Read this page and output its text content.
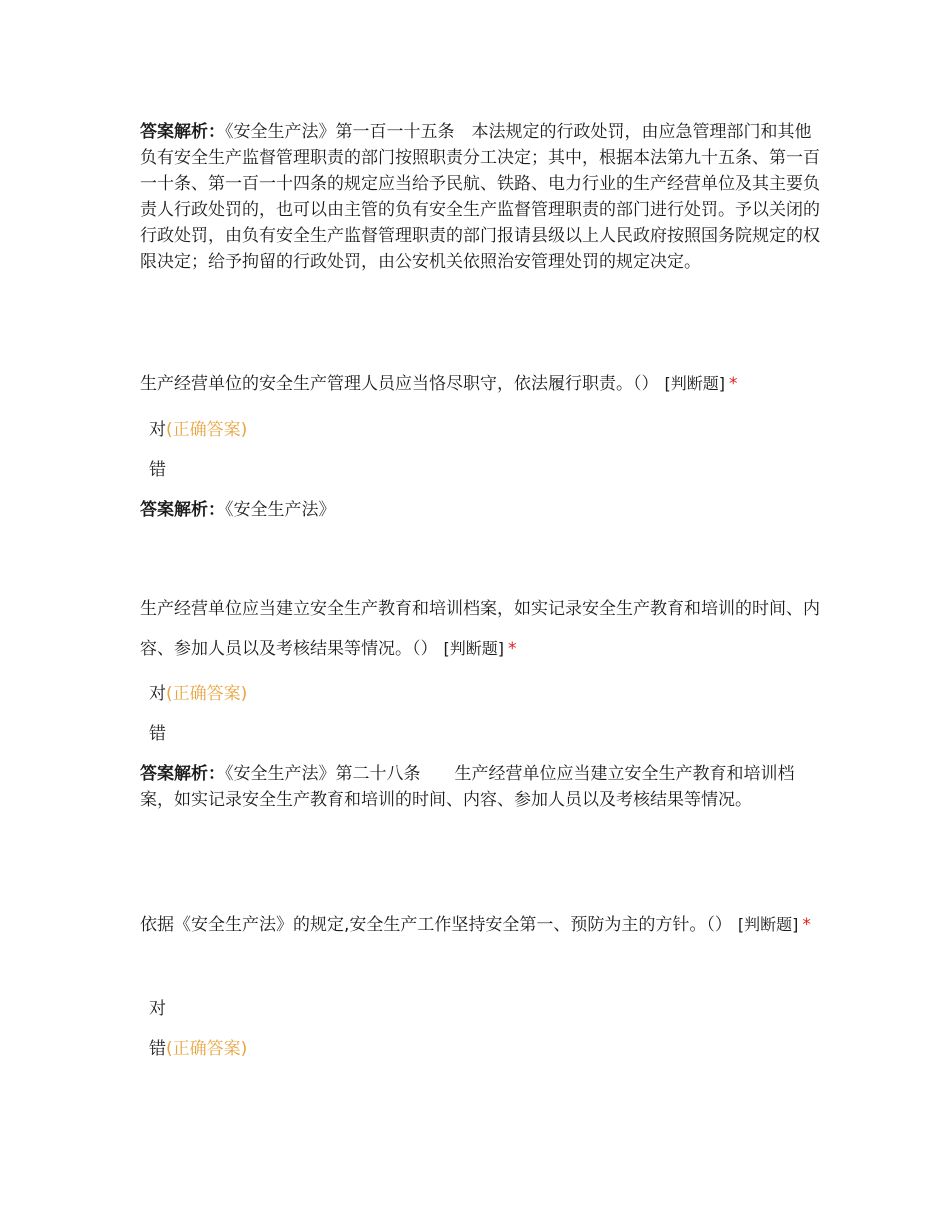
答案解析：《安全生产法》第一百一十五条　本法规定的行政处罚，由应急管理部门和其他负有安全生产监督管理职责的部门按照职责分工决定；其中，根据本法第九十五条、第一百一十条、第一百一十四条的规定应当给予民航、铁路、电力行业的生产经营单位及其主要负责人行政处罚的，也可以由主管的负有安全生产监督管理职责的部门进行处罚。予以关闭的行政处罚，由负有安全生产监督管理职责的部门报请县级以上人民政府按照国务院规定的权限决定；给予拘留的行政处罚，由公安机关依照治安管理处罚的规定决定。
生产经营单位的安全生产管理人员应当恪尽职守，依法履行职责。（） [判断题] *
对(正确答案)
错
答案解析：《安全生产法》
生产经营单位应当建立安全生产教育和培训档案，如实记录安全生产教育和培训的时间、内容、参加人员以及考核结果等情况。（） [判断题] *
对(正确答案)
错
答案解析：《安全生产法》第二十八条　　生产经营单位应当建立安全生产教育和培训档案，如实记录安全生产教育和培训的时间、内容、参加人员以及考核结果等情况。
依据《安全生产法》的规定,安全生产工作坚持安全第一、预防为主的方针。（） [判断题] *
对
错(正确答案)
